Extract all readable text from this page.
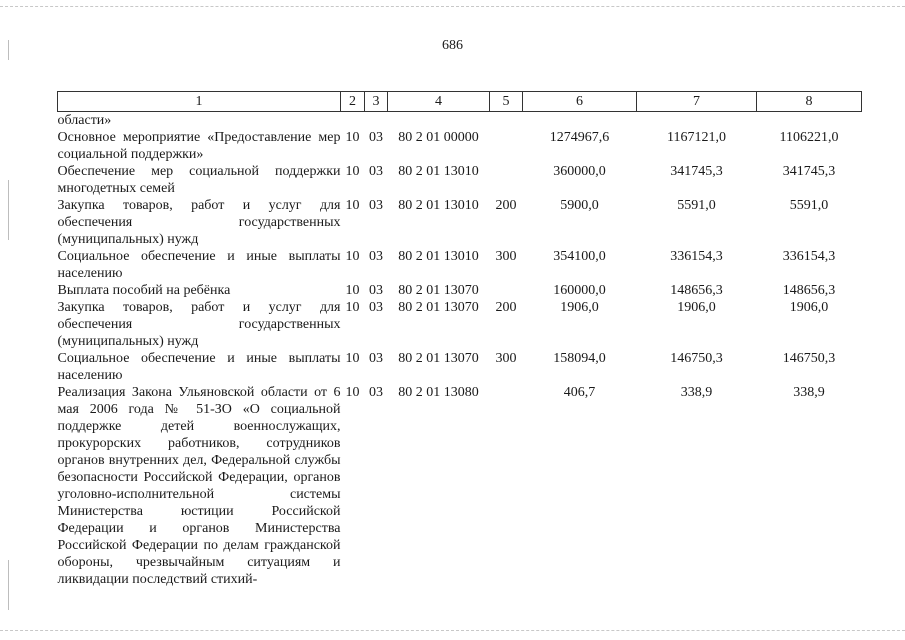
686
1	2	3	4	5	6	7	8
области»							
Основное мероприятие «Предоставление мер социальной поддержки»	10	03	80 2 01 00000		1274967,6	1167121,0	1106221,0
Обеспечение мер социальной поддержки многодетных семей	10	03	80 2 01 13010		360000,0	341745,3	341745,3
Закупка товаров, работ и услуг для обеспечения государственных (муниципальных) нужд	10	03	80 2 01 13010	200	5900,0	5591,0	5591,0
Социальное обеспечение и иные выплаты населению	10	03	80 2 01 13010	300	354100,0	336154,3	336154,3
Выплата пособий на ребёнка	10	03	80 2 01 13070		160000,0	148656,3	148656,3
Закупка товаров, работ и услуг для обеспечения государственных (муниципальных) нужд	10	03	80 2 01 13070	200	1906,0	1906,0	1906,0
Социальное обеспечение и иные выплаты населению	10	03	80 2 01 13070	300	158094,0	146750,3	146750,3
Реализация Закона Ульяновской области от 6 мая 2006 года № 51-ЗО «О социальной поддержке детей военнослужащих, прокурорских работников, сотрудников органов внутренних дел, Федеральной службы безопасности Российской Федерации, органов уголовно-исполнительной системы Министерства юстиции Российской Федерации и органов Министерства Российской Федерации по делам гражданской обороны, чрезвычайным ситуациям и ликвидации последствий стихий-	10	03	80 2 01 13080		406,7	338,9	338,9
